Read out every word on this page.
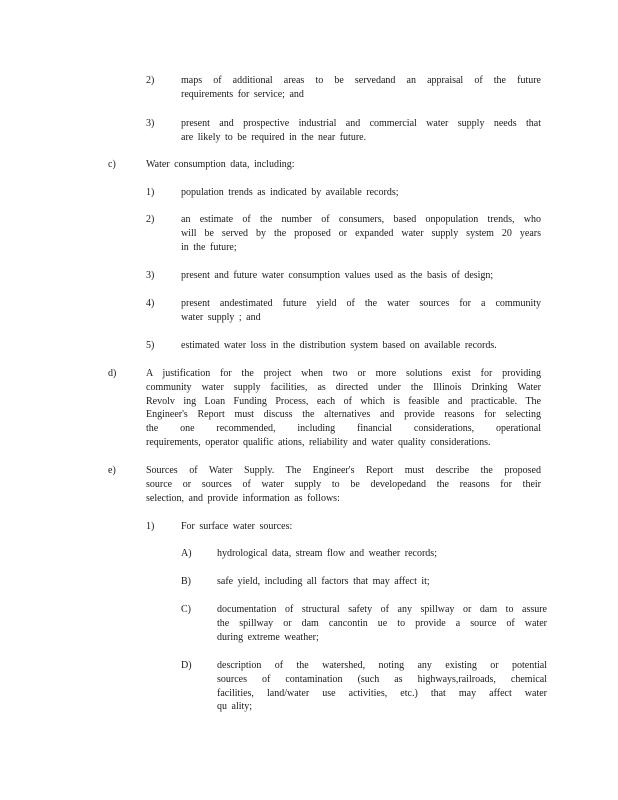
2)	maps of additional areas to be servedand an appraisal of the future
requirements for service; and
3)	present and prospective industrial and commercial water supply needs that
are likely to be required in the near future.
c)	Water consumption data, including:
1)	population trends as indicated by available records;
2)	an estimate of the number of consumers, based onpopulation trends, who
will be served by the proposed or expanded water supply system 20 years
in the future;
3)	present and future water consumption values used as the basis of design;
4)	present andestimated future yield of the water sources for a community
water supply ; and
5)	estimated water loss in the distribution system based on available records.
d)	A justification for the project when two or more solutions exist for providing
community water supply facilities, as directed under the Illinois Drinking Water
Revolv ing Loan Funding Process, each of which is feasible and practicable. The
Engineer's Report must discuss the alternatives and provide reasons for selecting
the one recommended, including financial considerations, operational
requirements, operator qualific ations, reliability and water quality considerations.
e)	Sources of Water Supply. The Engineer's Report must describe the proposed
source or sources of water supply to be developedand the reasons for their
selection, and provide information as follows:
1)	For surface water sources:
A)	hydrological data, stream flow and weather records;
B)	safe yield, including all factors that may affect it;
C)	documentation of structural safety of any spillway or dam to assure
the spillway or dam cancontin ue to provide a source of water
during extreme weather;
D)	description of the watershed, noting any existing or potential
sources of contamination (such as highways,railroads, chemical
facilities, land/water use activities, etc.) that may affect water
qu ality;
